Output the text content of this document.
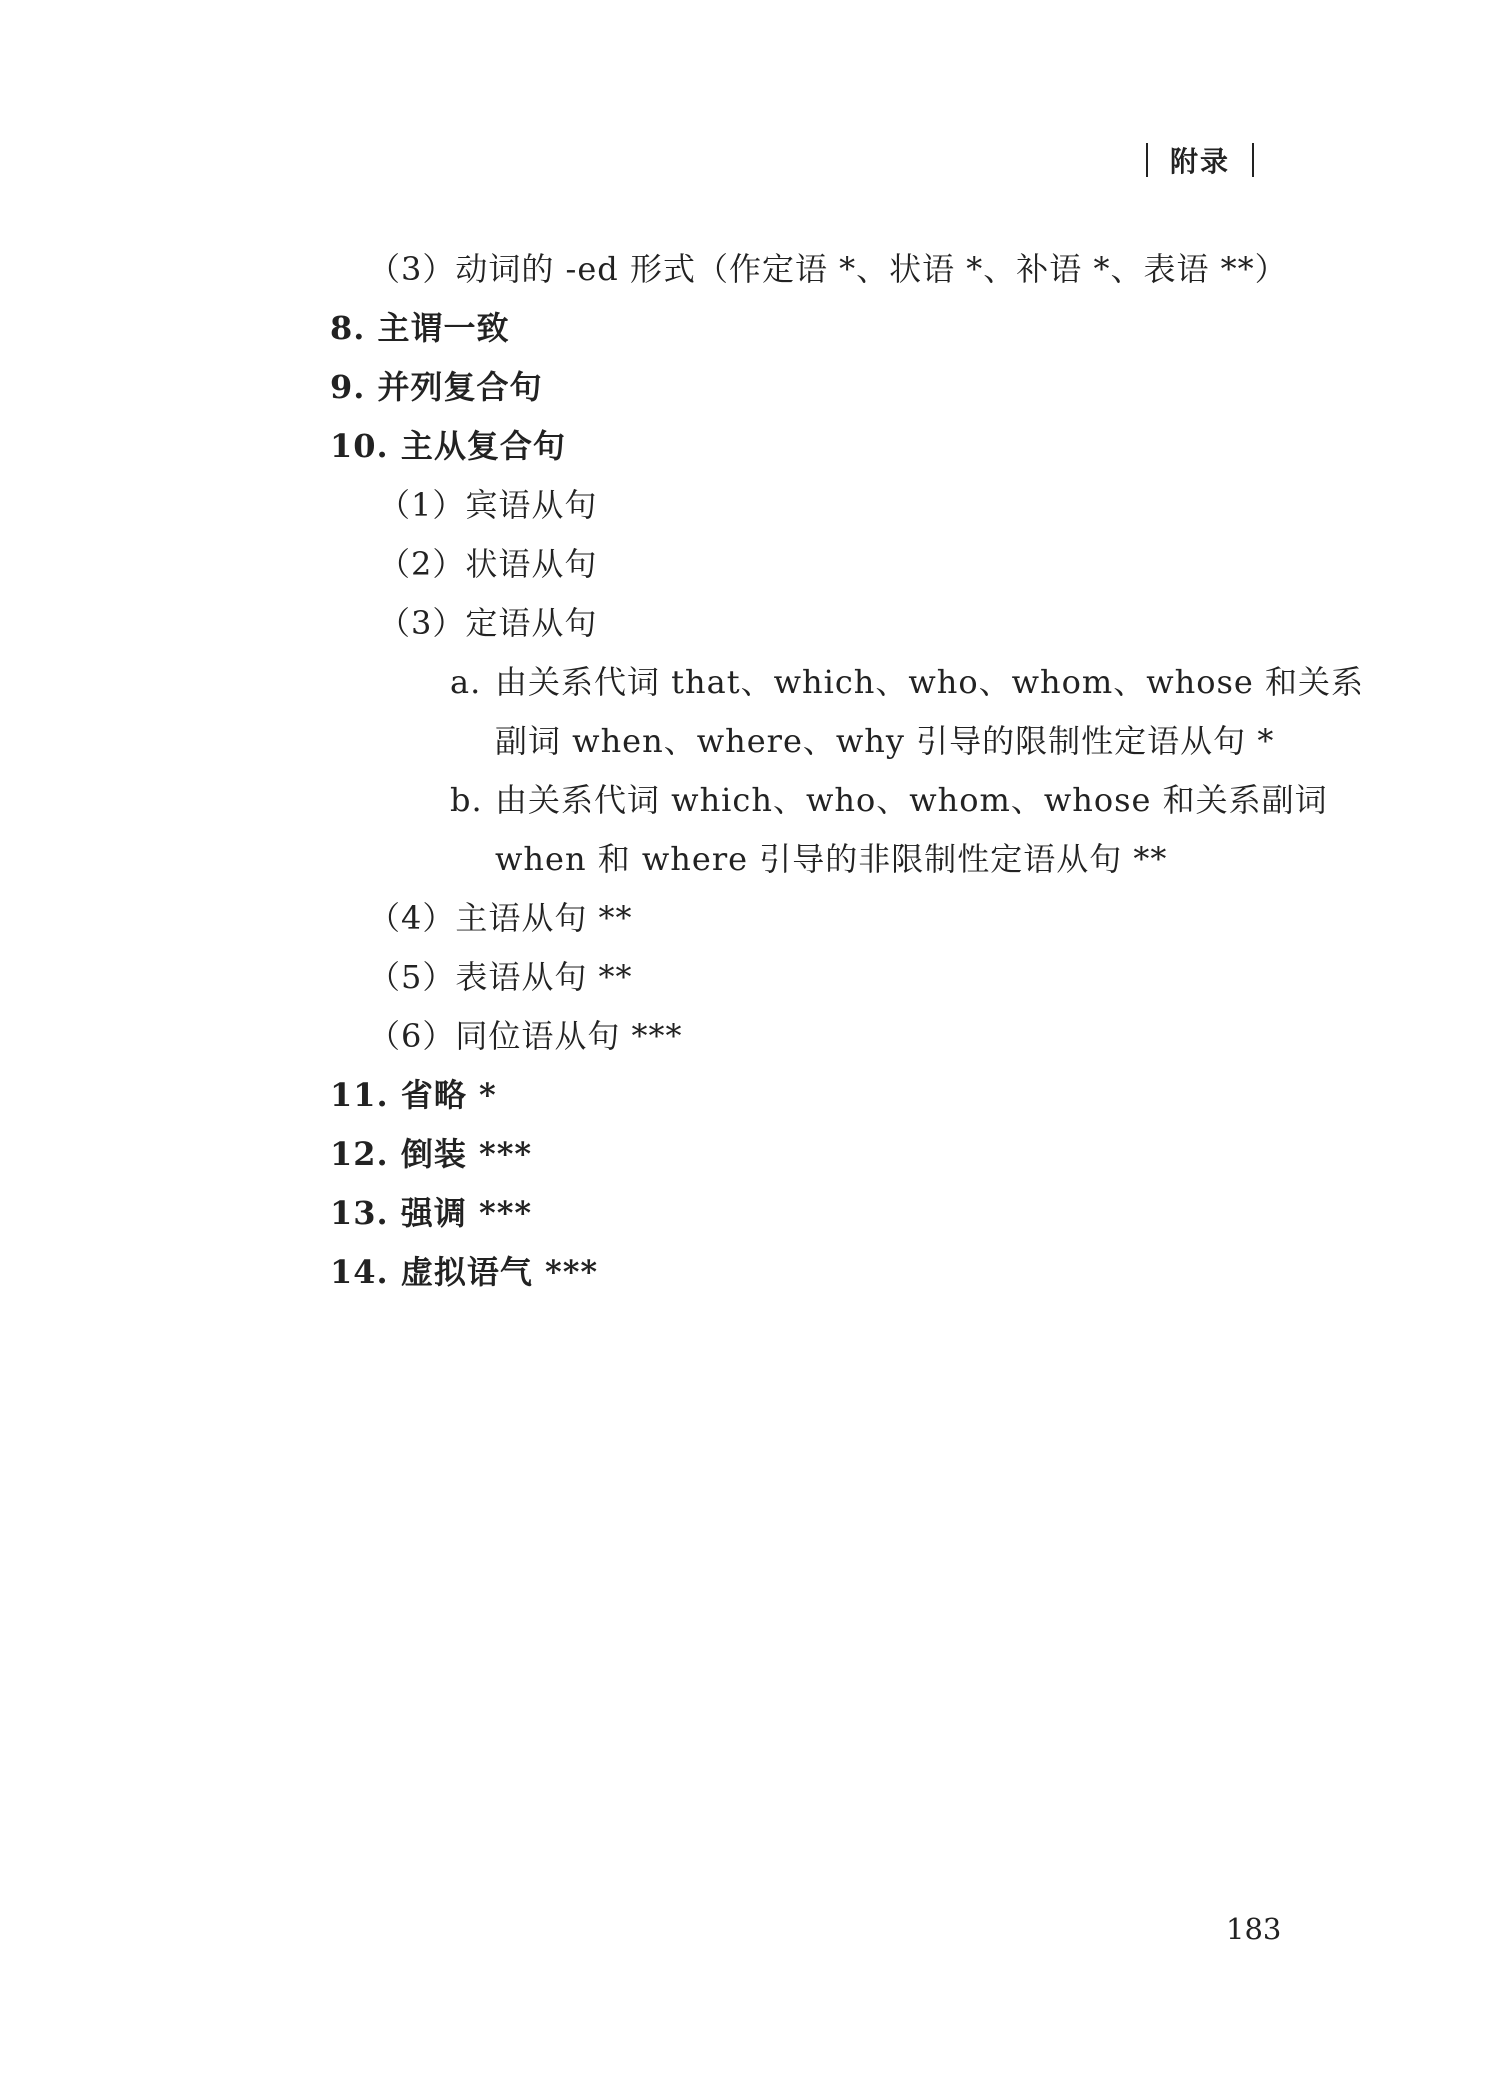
附录
（3）动词的 -ed 形式（作定语 *、状语 *、补语 *、表语 **）
8. 主谓一致
9. 并列复合句
10. 主从复合句
（1）宾语从句
（2）状语从句
（3）定语从句
a. 由关系代词 that、which、who、whom、whose 和关系
副词 when、where、why 引导的限制性定语从句 *
b. 由关系代词 which、who、whom、whose 和关系副词
when 和 where 引导的非限制性定语从句 **
（4）主语从句 **
（5）表语从句 **
（6）同位语从句 ***
11. 省略 *
12. 倒装 ***
13. 强调 ***
14. 虚拟语气 ***
183
